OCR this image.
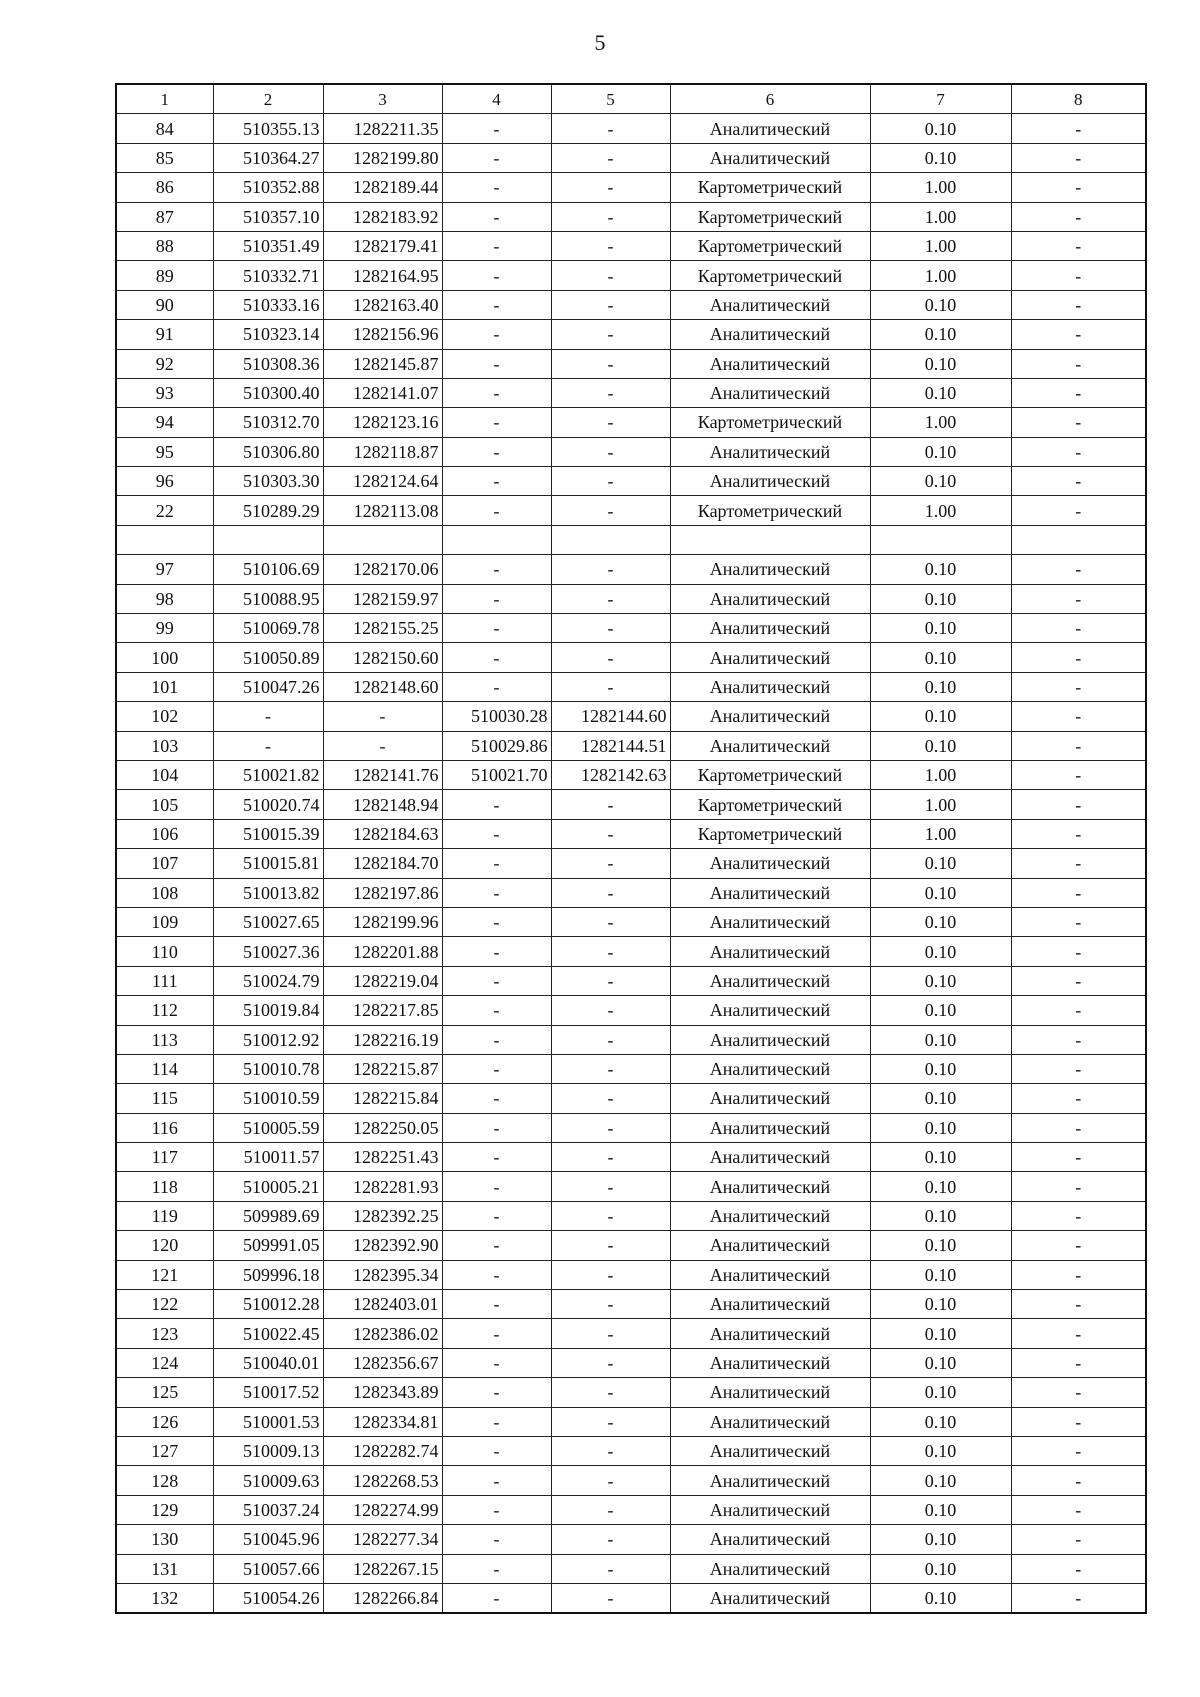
5
1	2	3	4	5	6	7	8
84	510355.13	1282211.35	-	-	Аналитический	0.10	-
85	510364.27	1282199.80	-	-	Аналитический	0.10	-
86	510352.88	1282189.44	-	-	Картометрический	1.00	-
87	510357.10	1282183.92	-	-	Картометрический	1.00	-
88	510351.49	1282179.41	-	-	Картометрический	1.00	-
89	510332.71	1282164.95	-	-	Картометрический	1.00	-
90	510333.16	1282163.40	-	-	Аналитический	0.10	-
91	510323.14	1282156.96	-	-	Аналитический	0.10	-
92	510308.36	1282145.87	-	-	Аналитический	0.10	-
93	510300.40	1282141.07	-	-	Аналитический	0.10	-
94	510312.70	1282123.16	-	-	Картометрический	1.00	-
95	510306.80	1282118.87	-	-	Аналитический	0.10	-
96	510303.30	1282124.64	-	-	Аналитический	0.10	-
22	510289.29	1282113.08	-	-	Картометрический	1.00	-

97	510106.69	1282170.06	-	-	Аналитический	0.10	-
98	510088.95	1282159.97	-	-	Аналитический	0.10	-
99	510069.78	1282155.25	-	-	Аналитический	0.10	-
100	510050.89	1282150.60	-	-	Аналитический	0.10	-
101	510047.26	1282148.60	-	-	Аналитический	0.10	-
102	-	-	510030.28	1282144.60	Аналитический	0.10	-
103	-	-	510029.86	1282144.51	Аналитический	0.10	-
104	510021.82	1282141.76	510021.70	1282142.63	Картометрический	1.00	-
105	510020.74	1282148.94	-	-	Картометрический	1.00	-
106	510015.39	1282184.63	-	-	Картометрический	1.00	-
107	510015.81	1282184.70	-	-	Аналитический	0.10	-
108	510013.82	1282197.86	-	-	Аналитический	0.10	-
109	510027.65	1282199.96	-	-	Аналитический	0.10	-
110	510027.36	1282201.88	-	-	Аналитический	0.10	-
111	510024.79	1282219.04	-	-	Аналитический	0.10	-
112	510019.84	1282217.85	-	-	Аналитический	0.10	-
113	510012.92	1282216.19	-	-	Аналитический	0.10	-
114	510010.78	1282215.87	-	-	Аналитический	0.10	-
115	510010.59	1282215.84	-	-	Аналитический	0.10	-
116	510005.59	1282250.05	-	-	Аналитический	0.10	-
117	510011.57	1282251.43	-	-	Аналитический	0.10	-
118	510005.21	1282281.93	-	-	Аналитический	0.10	-
119	509989.69	1282392.25	-	-	Аналитический	0.10	-
120	509991.05	1282392.90	-	-	Аналитический	0.10	-
121	509996.18	1282395.34	-	-	Аналитический	0.10	-
122	510012.28	1282403.01	-	-	Аналитический	0.10	-
123	510022.45	1282386.02	-	-	Аналитический	0.10	-
124	510040.01	1282356.67	-	-	Аналитический	0.10	-
125	510017.52	1282343.89	-	-	Аналитический	0.10	-
126	510001.53	1282334.81	-	-	Аналитический	0.10	-
127	510009.13	1282282.74	-	-	Аналитический	0.10	-
128	510009.63	1282268.53	-	-	Аналитический	0.10	-
129	510037.24	1282274.99	-	-	Аналитический	0.10	-
130	510045.96	1282277.34	-	-	Аналитический	0.10	-
131	510057.66	1282267.15	-	-	Аналитический	0.10	-
132	510054.26	1282266.84	-	-	Аналитический	0.10	-
